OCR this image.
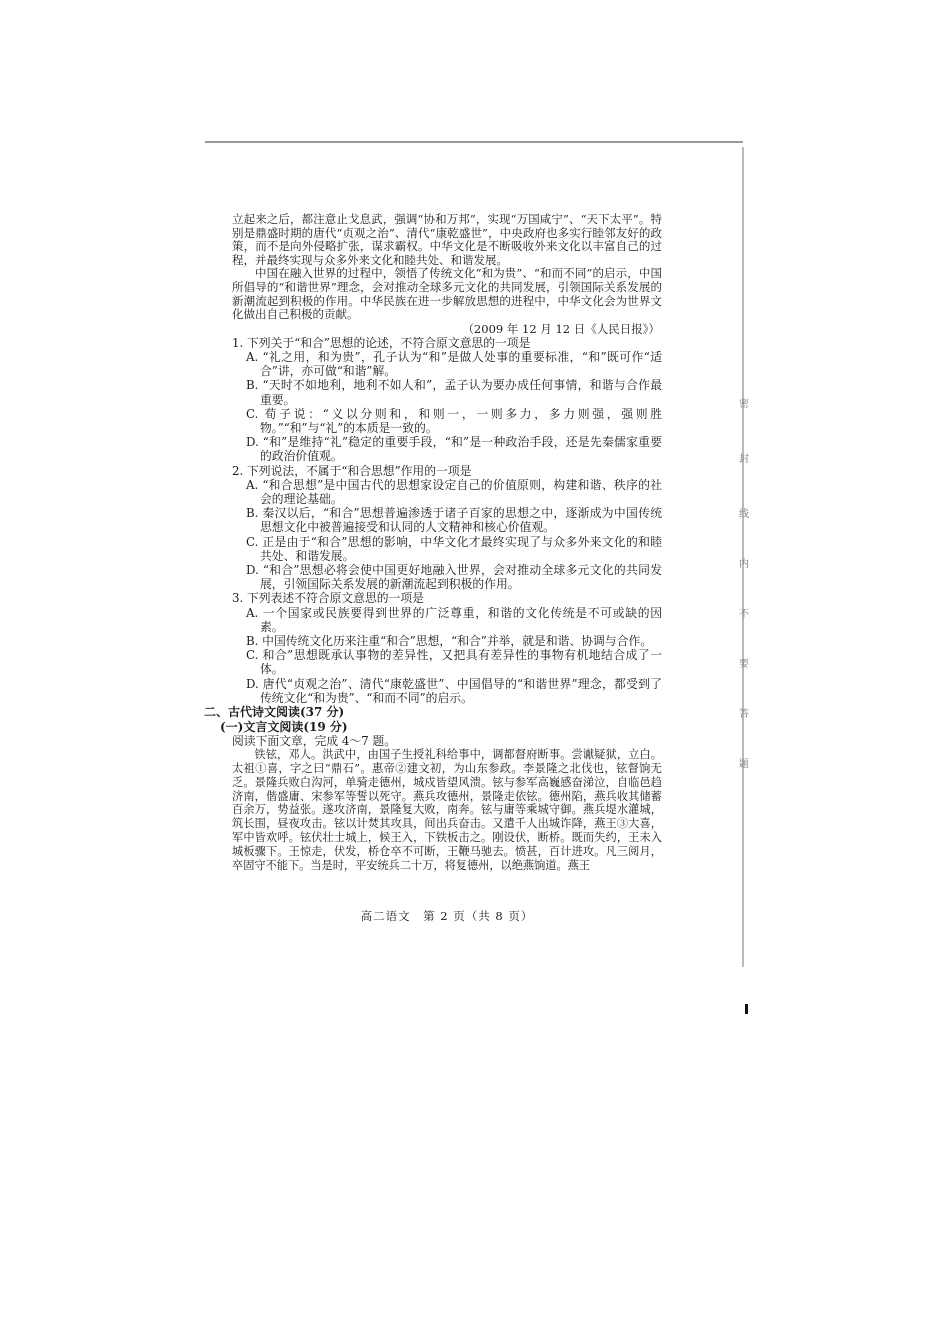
密
封
线
内
不
要
答
题

立起来之后，都注意止戈息武，强调“协和万邦”，实现“万国咸宁”、“天下太平”。特别是鼎盛时期的唐代“贞观之治”、清代“康乾盛世”，中央政府也多实行睦邻友好的政策，而不是向外侵略扩张，谋求霸权。中华文化是不断吸收外来文化以丰富自己的过程，并最终实现与众多外来文化和睦共处、和谐发展。

中国在融入世界的过程中，领悟了传统文化“和为贵”、“和而不同”的启示，中国所倡导的“和谐世界”理念，会对推动全球多元文化的共同发展，引领国际关系发展的新潮流起到积极的作用。中华民族在进一步解放思想的进程中，中华文化会为世界文化做出自己积极的贡献。

（2009 年 12 月 12 日《人民日报》）

1. 下列关于“和合”思想的论述，不符合原文意思的一项是

A. “礼之用，和为贵”，孔子认为“和”是做人处事的重要标准，“和”既可作“适合”讲，亦可做“和谐”解。

B. “天时不如地利，地利不如人和”，孟子认为要办成任何事情，和谐与合作最重要。

C. 荀子说：“义以分则和，和则一，一则多力，多力则强，强则胜物。”“和”与“礼”的本质是一致的。

D. “和”是维持“礼”稳定的重要手段，“和”是一种政治手段，还是先秦儒家重要的政治价值观。

2. 下列说法，不属于“和合思想”作用的一项是

A. “和合思想”是中国古代的思想家设定自己的价值原则，构建和谐、秩序的社会的理论基础。

B. 秦汉以后，“和合”思想普遍渗透于诸子百家的思想之中，逐渐成为中国传统思想文化中被普遍接受和认同的人文精神和核心价值观。

C. 正是由于“和合”思想的影响，中华文化才最终实现了与众多外来文化的和睦共处、和谐发展。

D. “和合”思想必将会使中国更好地融入世界，会对推动全球多元文化的共同发展，引领国际关系发展的新潮流起到积极的作用。

3. 下列表述不符合原文意思的一项是

A. 一个国家或民族要得到世界的广泛尊重，和谐的文化传统是不可或缺的因素。

B. 中国传统文化历来注重“和合”思想，“和合”并举，就是和谐、协调与合作。

C. 和合”思想既承认事物的差异性，又把具有差异性的事物有机地结合成了一体。

D. 唐代“贞观之治”、清代“康乾盛世”、中国倡导的“和谐世界”理念，都受到了传统文化“和为贵”、“和而不同”的启示。

二、古代诗文阅读(37 分)

(一)文言文阅读(19 分)

阅读下面文章，完成 4～7 题。

铁铉，邓人。洪武中，由国子生授礼科给事中，调都督府断事。尝谳疑狱，立白。太祖①喜，字之曰“鼎石”。惠帝②建文初，为山东参政。李景隆之北伐也，铉督饷无乏。景隆兵败白沟河，单骑走德州，城戍皆望风溃。铉与参军高巍感奋涕泣，自临邑趋济南，偕盛庸、宋参军等誓以死守。燕兵攻德州，景隆走依铉。德州陷，燕兵收其储蓄百余万，势益张。遂攻济南，景隆复大败，南奔。铉与庸等乘城守御。燕兵堤水灌城，筑长围，昼夜攻击。铉以计焚其攻具，间出兵奋击。又遣千人出城诈降，燕王③大喜，军中皆欢呼。铉伏壮士城上，候王入，下铁板击之。刚设伏，断桥。既而失约，王未入城板骤下。王惊走，伏发，桥仓卒不可断，王鞭马驰去。愤甚，百计进攻。凡三阅月，卒固守不能下。当是时，平安统兵二十万，将复德州，以绝燕饷道。燕王

高二语文　第 2 页（共 8 页）
